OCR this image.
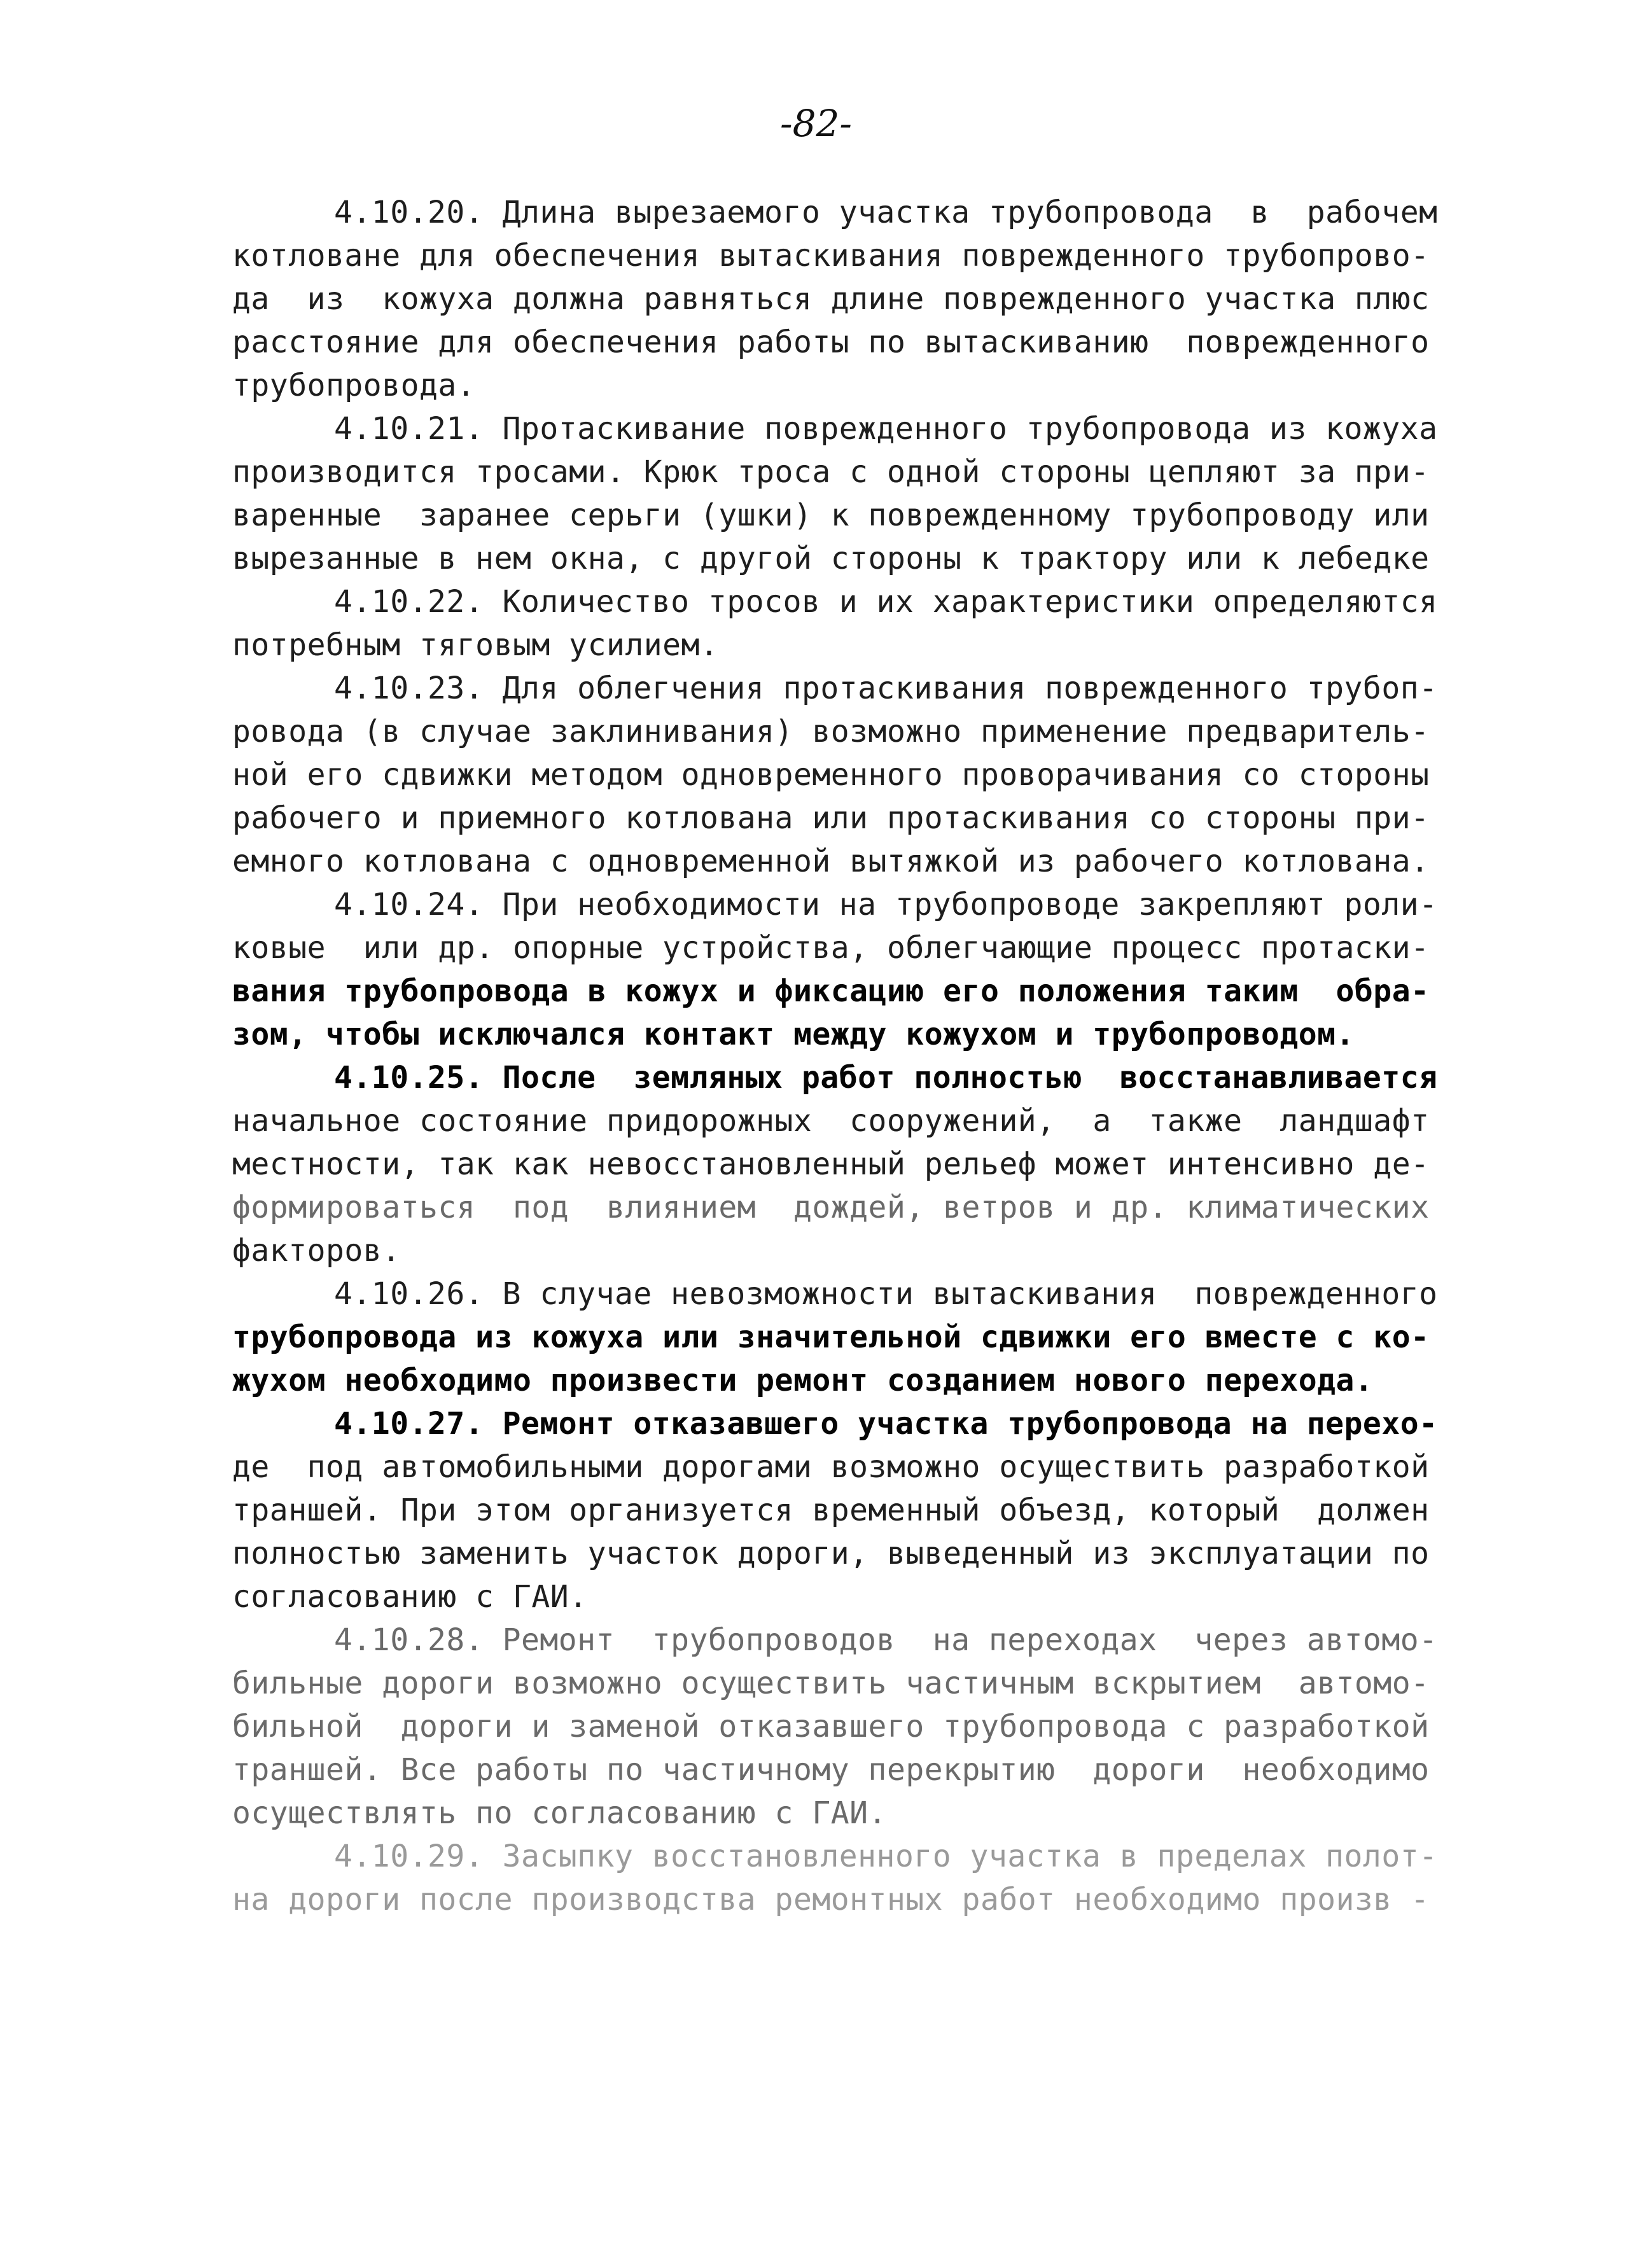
-82-
4.10.20. Длина вырезаемого участка трубопровода  в  рабочем
котловане для обеспечения вытаскивания поврежденного трубопрово-
да  из  кожуха должна равняться длине поврежденного участка плюс
расстояние для обеспечения работы по вытаскиванию  поврежденного
трубопровода.
4.10.21. Протаскивание поврежденного трубопровода из кожуха
производится тросами. Крюк троса с одной стороны цепляют за при-
варенные  заранее серьги (ушки) к поврежденному трубопроводу или
вырезанные в нем окна, с другой стороны к трактору или к лебедке
4.10.22. Количество тросов и их характеристики определяются
потребным тяговым усилием.
4.10.23. Для облегчения протаскивания поврежденного трубоп-
ровода (в случае заклинивания) возможно применение предваритель-
ной его сдвижки методом одновременного проворачивания со стороны
рабочего и приемного котлована или протаскивания со стороны при-
емного котлована с одновременной вытяжкой из рабочего котлована.
4.10.24. При необходимости на трубопроводе закрепляют роли-
ковые  или др. опорные устройства, облегчающие процесс протаски-
вания трубопровода в кожух и фиксацию его положения таким  обра-
зом, чтобы исключался контакт между кожухом и трубопроводом.
4.10.25. После  земляных работ полностью  восстанавливается
начальное состояние придорожных  сооружений,  а  также  ландшафт
местности, так как невосстановленный рельеф может интенсивно де-
формироваться  под  влиянием  дождей, ветров и др. климатических
факторов.
4.10.26. В случае невозможности вытаскивания  поврежденного
трубопровода из кожуха или значительной сдвижки его вместе с ко-
жухом необходимо произвести ремонт созданием нового перехода.
4.10.27. Ремонт отказавшего участка трубопровода на перехо-
де  под автомобильными дорогами возможно осуществить разработкой
траншей. При этом организуется временный объезд, который  должен
полностью заменить участок дороги, выведенный из эксплуатации по
согласованию с ГАИ.
4.10.28. Ремонт  трубопроводов  на переходах  через автомо-
бильные дороги возможно осуществить частичным вскрытием  автомо-
бильной  дороги и заменой отказавшего трубопровода с разработкой
траншей. Все работы по частичному перекрытию  дороги  необходимо
осуществлять по согласованию с ГАИ.
4.10.29. Засыпку восстановленного участка в пределах полот-
на дороги после производства ремонтных работ необходимо произв -
